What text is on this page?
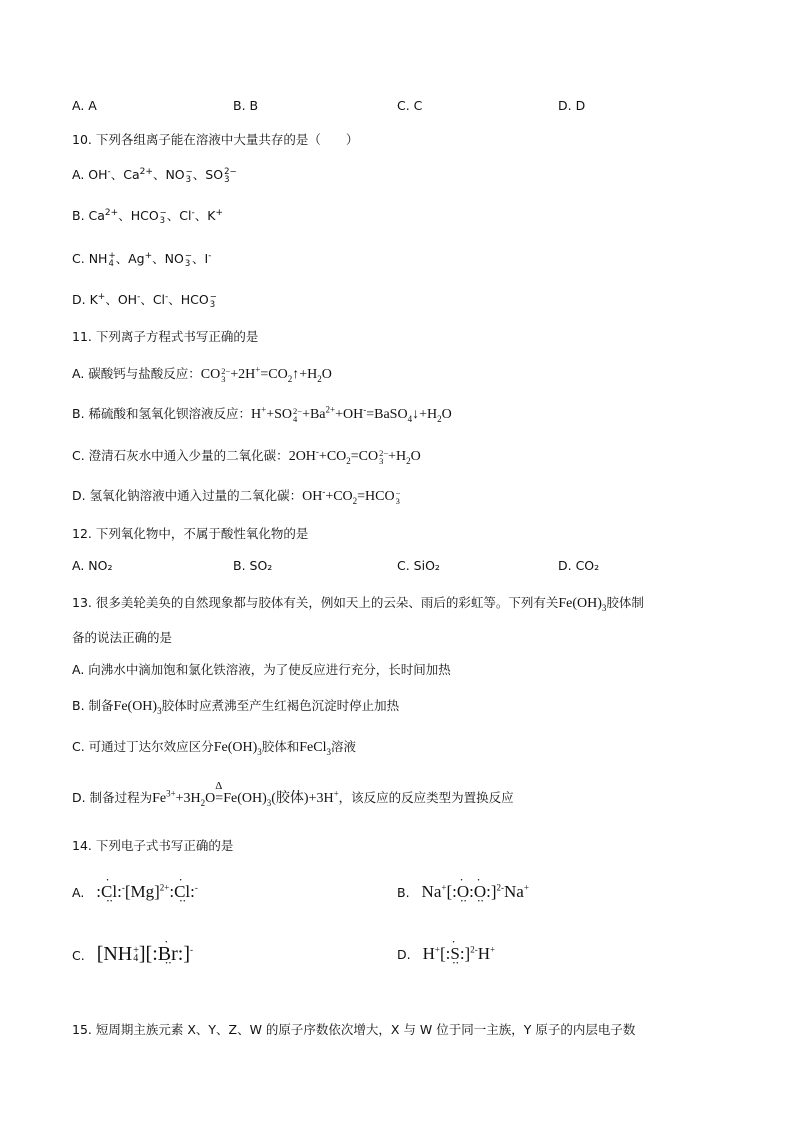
A. A	B. B	C. C	D. D
10. 下列各组离子能在溶液中大量共存的是（　　）
A. OH-、$Ca^{2+}$、NO −
3 、SO 2−
3
B. $Ca^{2+}$、HCO −
3 、Cl-、K+
C. NH +
4 、Ag+、NO −
3 、I-
D. K+、OH-、Cl-、HCO −
3
11. 下列离子方程式书写正确的是
A. 碳酸钙与盐酸反应：CO 2−
$3 +2H^+=CO_2↑+H_2O$
B. 稀硫酸和氢氧化钡溶液反应：H++SO 2−
$4 +Ba^{2+}+OH^-=BaSO_4↓+H_2O$
C. 澄清石灰水中通入少量的二氧化碳：$2OH^-+CO_2=CO$ 2−
$3 +H_2O$
D. 氢氧化钠溶液中通入过量的二氧化碳：$OH^-+CO_2=HCO$ −
3
12. 下列氧化物中，不属于酸性氧化物的是
A. NO₂	B. SO₂	C. SiO₂	D. CO₂
13. 很多美轮美奂的自然现象都与胶体有关，例如天上的云朵、雨后的彩虹等。下列有关$Fe(OH)_3$胶体制
备的说法正确的是
A. 向沸水中滴加饱和氯化铁溶液，为了使反应进行充分，长时间加热
B. 制备$Fe(OH)_3$胶体时应煮沸至产生红褐色沉淀时停止加热
C. 可通过丁达尔效应区分$Fe(OH)_3$胶体和FeCl$_3$溶液
D. 制备过程为$Fe^{3+}+3H_2O=$
Δ
$Fe(OH)_3$(胶体)+3H+，该反应的反应类型为置换反应
14. 下列电子式书写正确的是
A. :· $Cl \cdot\cdot:^-[Mg]^{2+}:\cdot Cl$ ··:-	B. Na+[:· O ··:· O ··:]$^{2-}$Na+
C. [NH +
4 ][:· Br ··:]-	D. H+[:· S ··:]$^{2-}$H+
15. 短周期主族元素 X、Y、Z、W 的原子序数依次增大，X 与 W 位于同一主族，Y 原子的内层电子数
